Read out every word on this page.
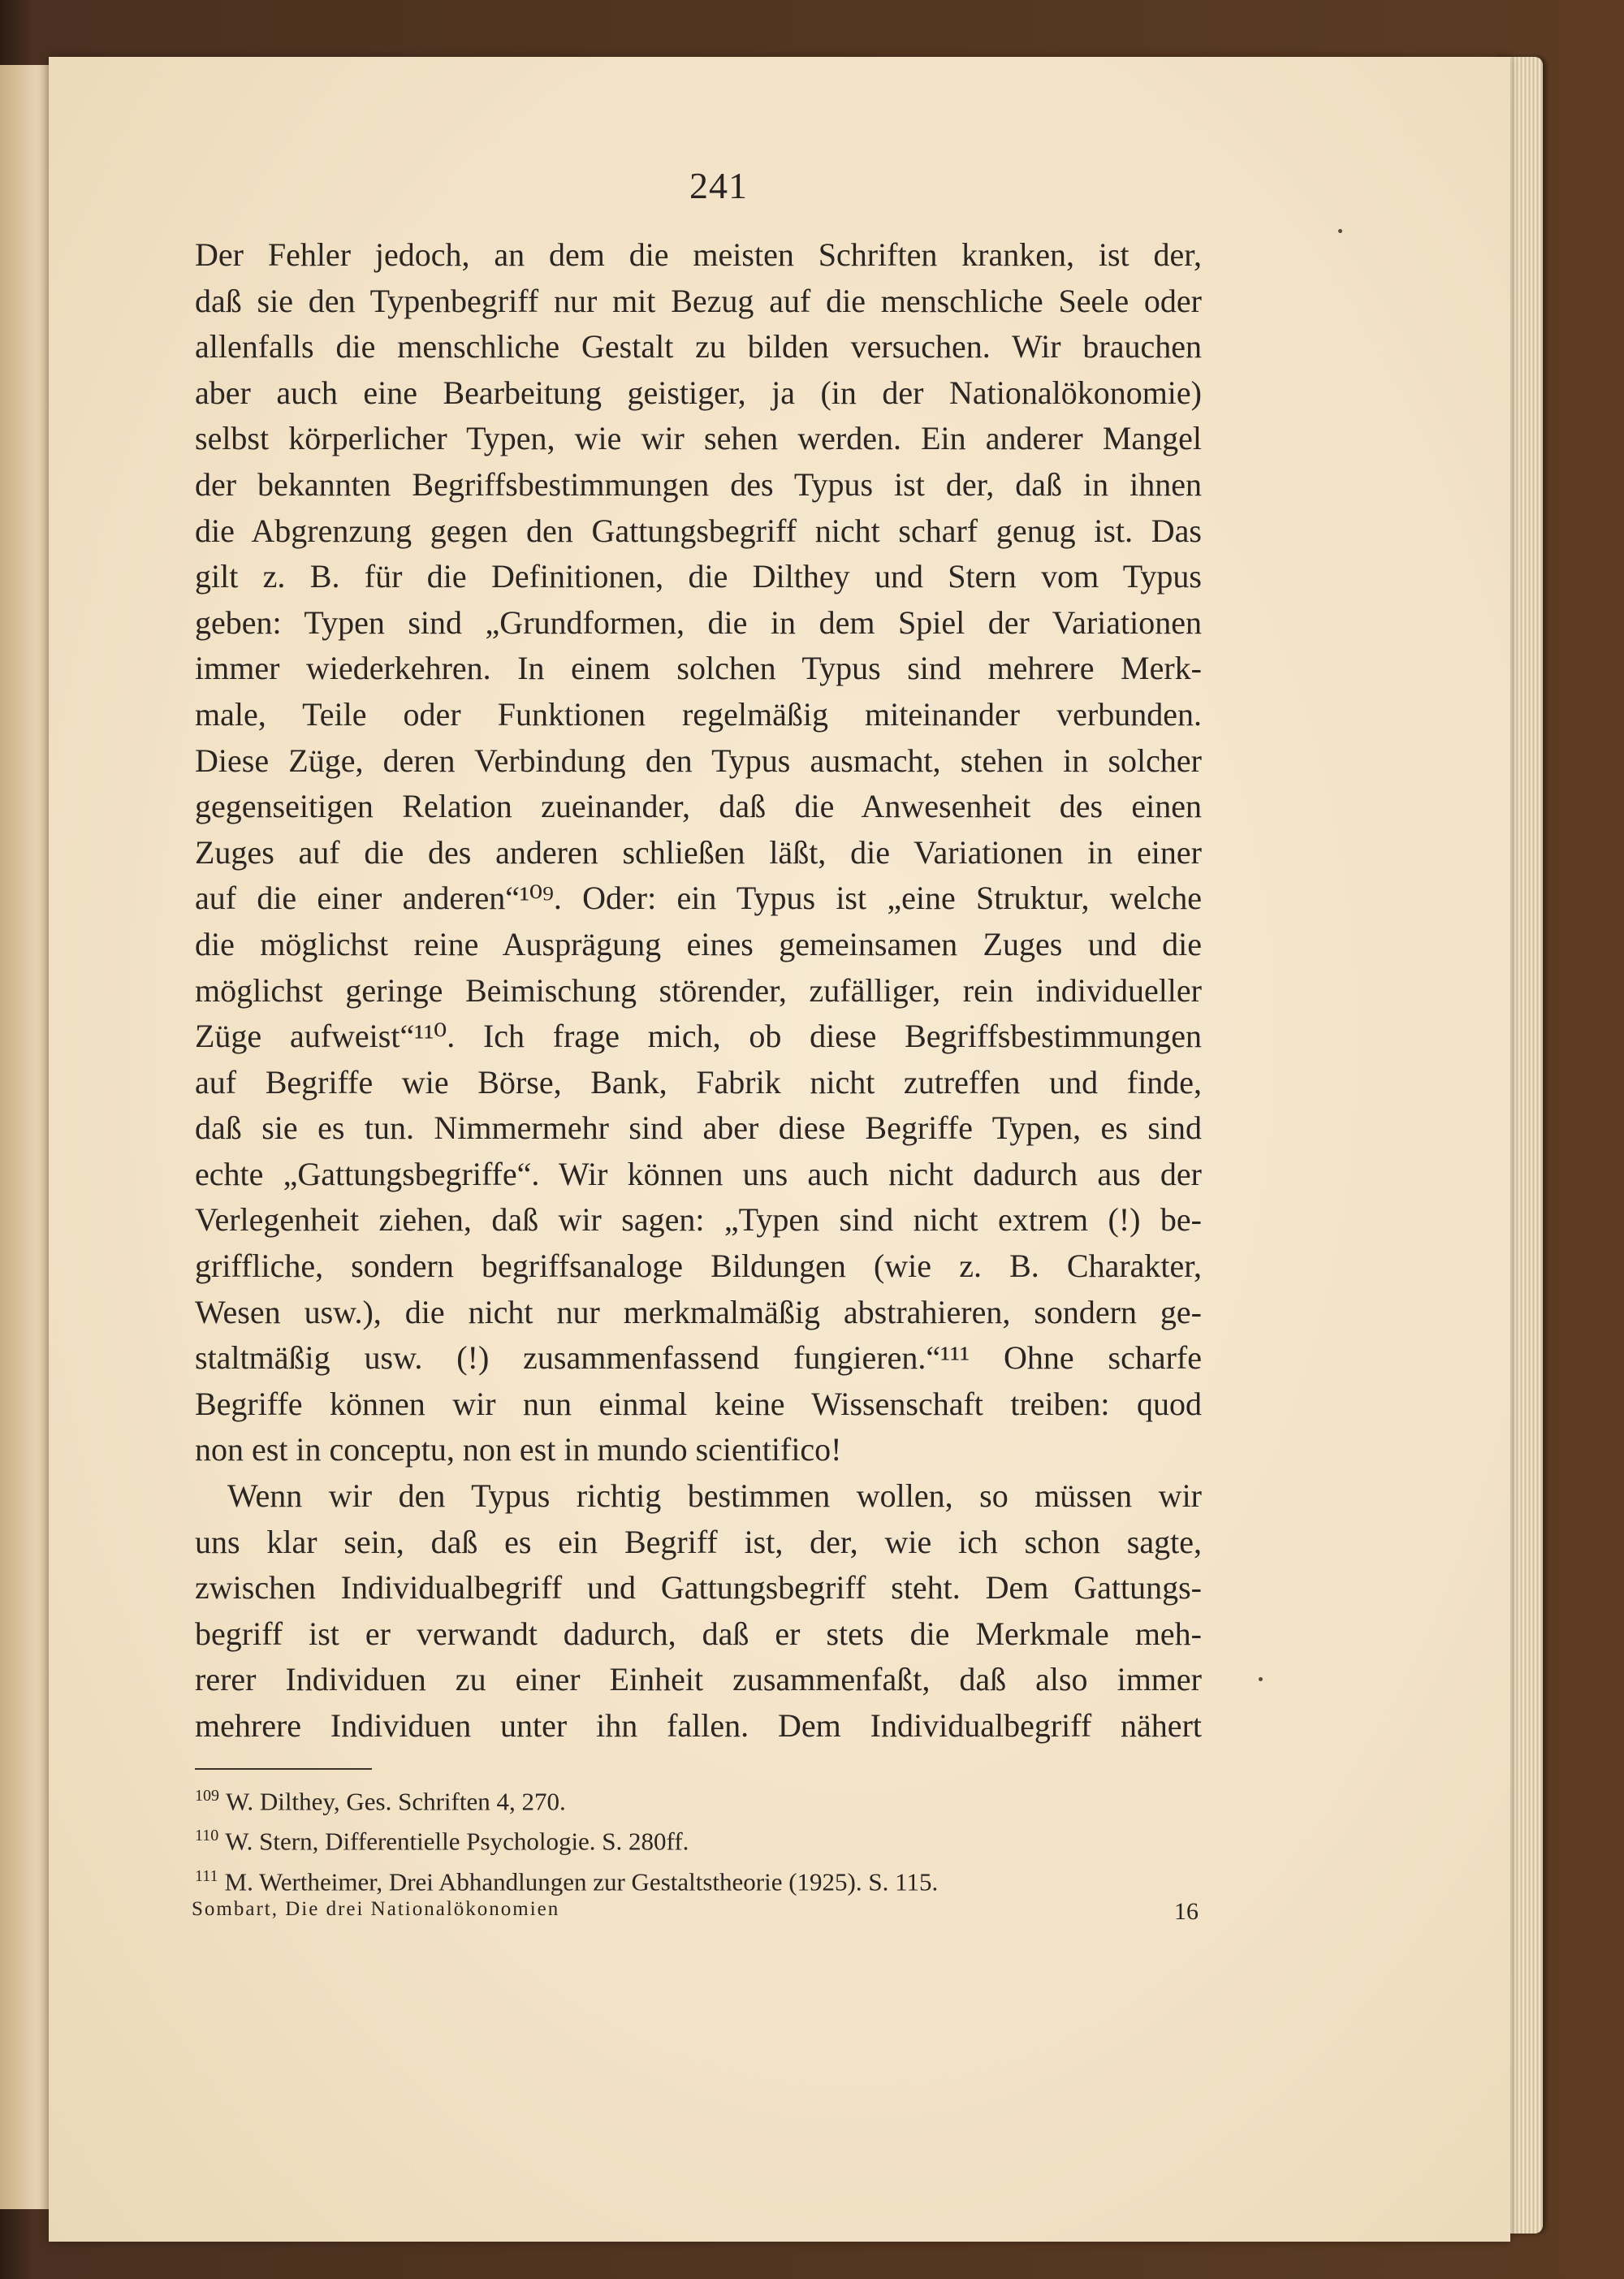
241
Der Fehler jedoch, an dem die meisten Schriften kranken, ist der,
daß sie den Typenbegriff nur mit Bezug auf die menschliche Seele oder
allenfalls die menschliche Gestalt zu bilden versuchen. Wir brauchen
aber auch eine Bearbeitung geistiger, ja (in der Nationalökonomie)
selbst körperlicher Typen, wie wir sehen werden. Ein anderer Mangel
der bekannten Begriffsbestimmungen des Typus ist der, daß in ihnen
die Abgrenzung gegen den Gattungsbegriff nicht scharf genug ist. Das
gilt z. B. für die Definitionen, die Dilthey und Stern vom Typus
geben: Typen sind „Grundformen, die in dem Spiel der Variationen
immer wiederkehren. In einem solchen Typus sind mehrere Merk-
male, Teile oder Funktionen regelmäßig miteinander verbunden.
Diese Züge, deren Verbindung den Typus ausmacht, stehen in solcher
gegenseitigen Relation zueinander, daß die Anwesenheit des einen
Zuges auf die des anderen schließen läßt, die Variationen in einer
auf die einer anderen“¹⁰⁹. Oder: ein Typus ist „eine Struktur, welche
die möglichst reine Ausprägung eines gemeinsamen Zuges und die
möglichst geringe Beimischung störender, zufälliger, rein individueller
Züge aufweist“¹¹⁰. Ich frage mich, ob diese Begriffsbestimmungen
auf Begriffe wie Börse, Bank, Fabrik nicht zutreffen und finde,
daß sie es tun. Nimmermehr sind aber diese Begriffe Typen, es sind
echte „Gattungsbegriffe“. Wir können uns auch nicht dadurch aus der
Verlegenheit ziehen, daß wir sagen: „Typen sind nicht extrem (!) be-
griffliche, sondern begriffsanaloge Bildungen (wie z. B. Charakter,
Wesen usw.), die nicht nur merkmalmäßig abstrahieren, sondern ge-
staltmäßig usw. (!) zusammenfassend fungieren.“¹¹¹ Ohne scharfe
Begriffe können wir nun einmal keine Wissenschaft treiben: quod
non est in conceptu, non est in mundo scientifico!
Wenn wir den Typus richtig bestimmen wollen, so müssen wir
uns klar sein, daß es ein Begriff ist, der, wie ich schon sagte,
zwischen Individualbegriff und Gattungsbegriff steht. Dem Gattungs-
begriff ist er verwandt dadurch, daß er stets die Merkmale meh-
rerer Individuen zu einer Einheit zusammenfaßt, daß also immer
mehrere Individuen unter ihn fallen. Dem Individualbegriff nähert
$^{109}$ W. Dilthey, Ges. Schriften 4, 270.
$^{110}$ W. Stern, Differentielle Psychologie. S. 280ff.
$^{111}$ M. Wertheimer, Drei Abhandlungen zur Gestaltstheorie (1925). S. 115.
Sombart, Die drei Nationalökonomien	16
